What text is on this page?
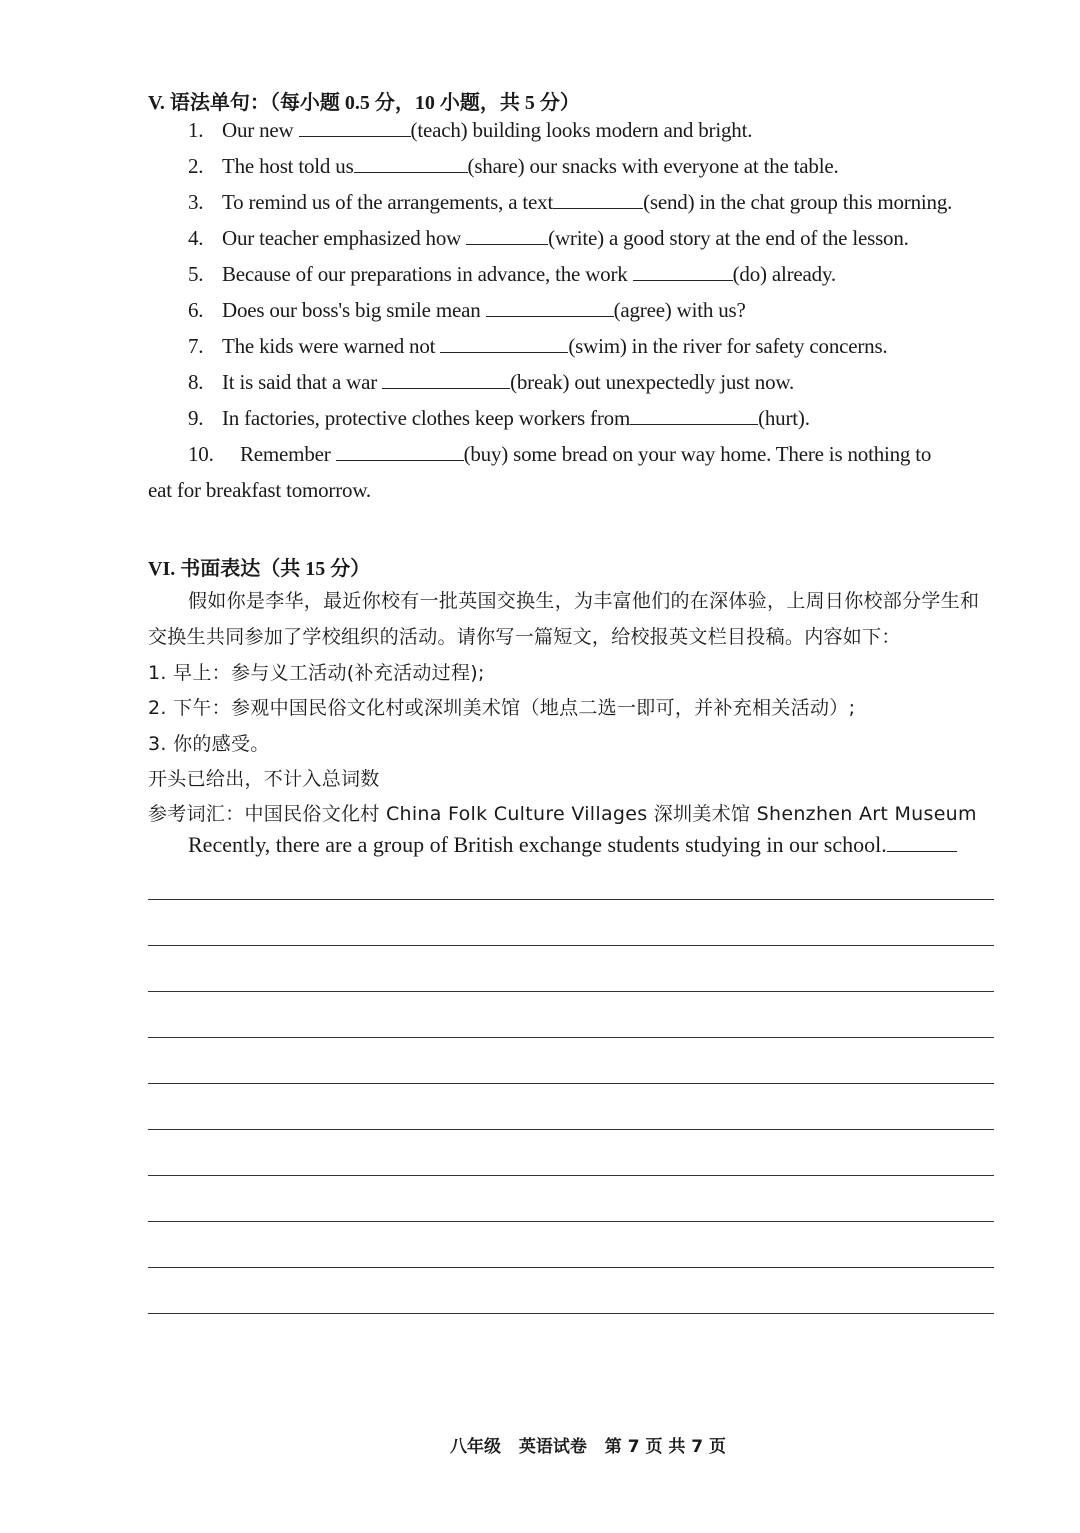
V. 语法单句：（每小题 0.5 分，10 小题，共 5 分）
1. Our new	(teach) building looks modern and bright.
2. The host told us	(share) our snacks with everyone at the table.
3. To remind us of the arrangements, a text	(send) in the chat group this morning.
4. Our teacher emphasized how	(write) a good story at the end of the lesson.
5. Because of our preparations in advance, the work	(do) already.
6. Does our boss's big smile mean	(agree) with us?
7. The kids were warned not	(swim) in the river for safety concerns.
8. It is said that a war	(break) out unexpectedly just now.
9. In factories, protective clothes keep workers from	(hurt).
10. Remember	(buy) some bread on your way home. There is nothing to
eat for breakfast tomorrow.
VI. 书面表达（共 15 分）
假如你是李华，最近你校有一批英国交换生，为丰富他们的在深体验，上周日你校部分学生和
交换生共同参加了学校组织的活动。请你写一篇短文，给校报英文栏目投稿。内容如下：
1. 早上：参与义工活动(补充活动过程);
2. 下午：参观中国民俗文化村或深圳美术馆（地点二选一即可，并补充相关活动）;
3. 你的感受。
开头已给出，不计入总词数
参考词汇：中国民俗文化村 China Folk Culture Villages 深圳美术馆 Shenzhen Art Museum
Recently, there are a group of British exchange students studying in our school.
八年级 英语试卷 第 7 页 共 7 页
